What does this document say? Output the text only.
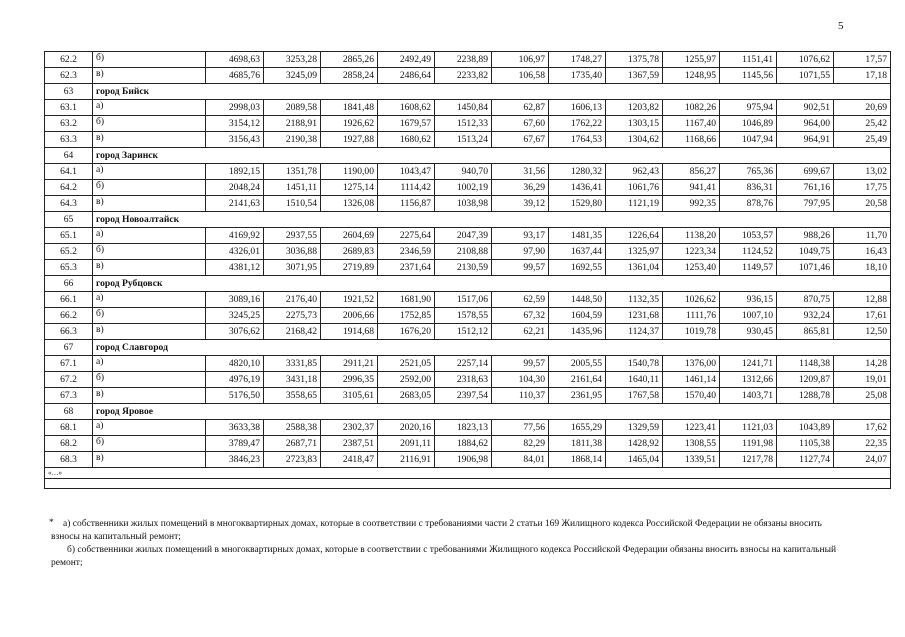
5
62.2	б)	4698,63	3253,28	2865,26	2492,49	2238,89	106,97	1748,27	1375,78	1255,97	1151,41	1076,62	17,57
62.3	в)	4685,76	3245,09	2858,24	2486,64	2233,82	106,58	1735,40	1367,59	1248,95	1145,56	1071,55	17,18
63	город Бийск												
63.1	а)	2998,03	2089,58	1841,48	1608,62	1450,84	62,87	1606,13	1203,82	1082,26	975,94	902,51	20,69
63.2	б)	3154,12	2188,91	1926,62	1679,57	1512,33	67,60	1762,22	1303,15	1167,40	1046,89	964,00	25,42
63.3	в)	3156,43	2190,38	1927,88	1680,62	1513,24	67,67	1764,53	1304,62	1168,66	1047,94	964,91	25,49
64	город Заринск												
64.1	а)	1892,15	1351,78	1190,00	1043,47	940,70	31,56	1280,32	962,43	856,27	765,36	699,67	13,02
64.2	б)	2048,24	1451,11	1275,14	1114,42	1002,19	36,29	1436,41	1061,76	941,41	836,31	761,16	17,75
64.3	в)	2141,63	1510,54	1326,08	1156,87	1038,98	39,12	1529,80	1121,19	992,35	878,76	797,95	20,58
65	город Новоалтайск												
65.1	а)	4169,92	2937,55	2604,69	2275,64	2047,39	93,17	1481,35	1226,64	1138,20	1053,57	988,26	11,70
65.2	б)	4326,01	3036,88	2689,83	2346,59	2108,88	97,90	1637,44	1325,97	1223,34	1124,52	1049,75	16,43
65.3	в)	4381,12	3071,95	2719,89	2371,64	2130,59	99,57	1692,55	1361,04	1253,40	1149,57	1071,46	18,10
66	город Рубцовск												
66.1	а)	3089,16	2176,40	1921,52	1681,90	1517,06	62,59	1448,50	1132,35	1026,62	936,15	870,75	12,88
66.2	б)	3245,25	2275,73	2006,66	1752,85	1578,55	67,32	1604,59	1231,68	1111,76	1007,10	932,24	17,61
66.3	в)	3076,62	2168,42	1914,68	1676,20	1512,12	62,21	1435,96	1124,37	1019,78	930,45	865,81	12,50
67	город Славгород												
67.1	а)	4820,10	3331,85	2911,21	2521,05	2257,14	99,57	2005,55	1540,78	1376,00	1241,71	1148,38	14,28
67.2	б)	4976,19	3431,18	2996,35	2592,00	2318,63	104,30	2161,64	1640,11	1461,14	1312,66	1209,87	19,01
67.3	в)	5176,50	3558,65	3105,61	2683,05	2397,54	110,37	2361,95	1767,58	1570,40	1403,71	1288,78	25,08
68	город Яровое												
68.1	а)	3633,38	2588,38	2302,37	2020,16	1823,13	77,56	1655,29	1329,59	1223,41	1121,03	1043,89	17,62
68.2	б)	3789,47	2687,71	2387,51	2091,11	1884,62	82,29	1811,38	1428,92	1308,55	1191,98	1105,38	22,35
68.3	в)	3846,23	2723,83	2418,47	2116,91	1906,98	84,01	1868,14	1465,04	1339,51	1217,78	1127,74	24,07
«…»													

* а) собственники жилых помещений в многоквартирных домах, которые в соответствии с требованиями части 2 статьи 169 Жилищного кодекса Российской Федерации не обязаны вносить взносы на капитальный ремонт;

б) собственники жилых помещений в многоквартирных домах, которые в соответствии с требованиями Жилищного кодекса Российской Федерации обязаны вносить взносы на капитальный ремонт;
